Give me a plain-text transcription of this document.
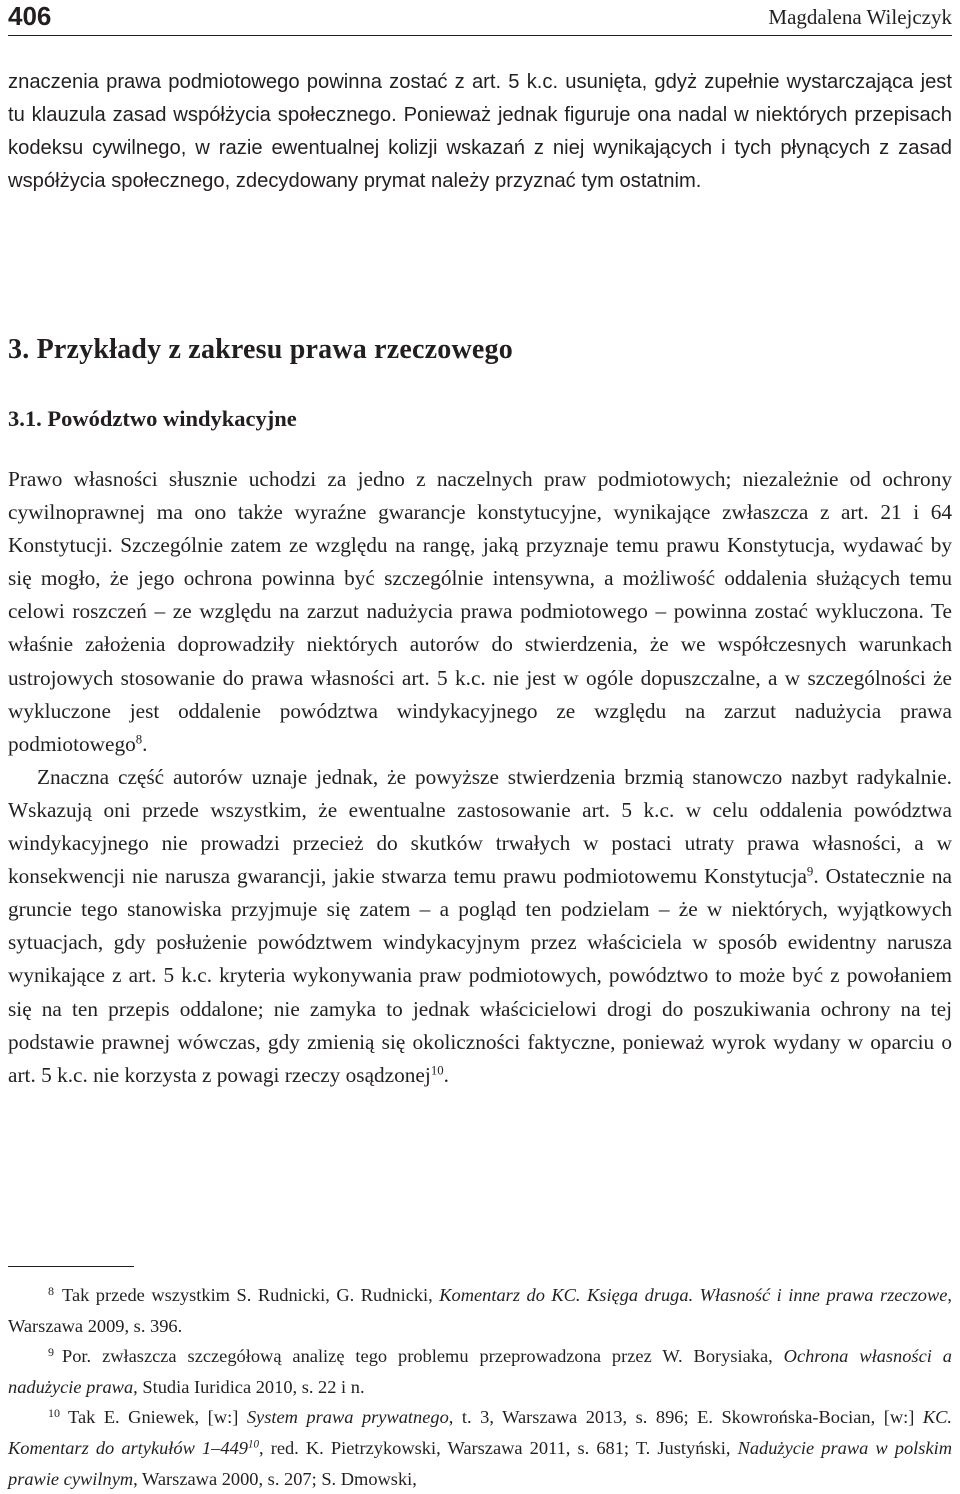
406	Magdalena Wilejczyk

znaczenia prawa podmiotowego powinna zostać z art. 5 k.c. usunięta, gdyż zupełnie wystarczająca jest tu klauzula zasad współżycia społecznego. Ponieważ jednak figuruje ona nadal w niektórych przepisach kodeksu cywilnego, w razie ewentualnej kolizji wskazań z niej wynikających i tych płynących z zasad współżycia społecznego, zdecydowany prymat należy przyznać tym ostatnim.

3. Przykłady z zakresu prawa rzeczowego
3.1. Powództwo windykacyjne

Prawo własności słusznie uchodzi za jedno z naczelnych praw podmiotowych; niezależnie od ochrony cywilnoprawnej ma ono także wyraźne gwarancje konstytucyjne, wynikające zwłaszcza z art. 21 i 64 Konstytucji. Szczególnie zatem ze względu na rangę, jaką przyznaje temu prawu Konstytucja, wydawać by się mogło, że jego ochrona powinna być szczególnie intensywna, a możliwość oddalenia służących temu celowi roszczeń – ze względu na zarzut nadużycia prawa podmiotowego – powinna zostać wykluczona. Te właśnie założenia doprowadziły niektórych autorów do stwierdzenia, że we współczesnych warunkach ustrojowych stosowanie do prawa własności art. 5 k.c. nie jest w ogóle dopuszczalne, a w szczególności że wykluczone jest oddalenie powództwa windykacyjnego ze względu na zarzut nadużycia prawa podmiotowego$^8$.

Znaczna część autorów uznaje jednak, że powyższe stwierdzenia brzmią stanowczo nazbyt radykalnie. Wskazują oni przede wszystkim, że ewentualne zastosowanie art. 5 k.c. w celu oddalenia powództwa windykacyjnego nie prowadzi przecież do skutków trwałych w postaci utraty prawa własności, a w konsekwencji nie narusza gwarancji, jakie stwarza temu prawu podmiotowemu Konstytucja$^9$. Ostatecznie na gruncie tego stanowiska przyjmuje się zatem – a pogląd ten podzielam – że w niektórych, wyjątkowych sytuacjach, gdy posłużenie powództwem windykacyjnym przez właściciela w sposób ewidentny narusza wynikające z art. 5 k.c. kryteria wykonywania praw podmiotowych, powództwo to może być z powołaniem się na ten przepis oddalone; nie zamyka to jednak właścicielowi drogi do poszukiwania ochrony na tej podstawie prawnej wówczas, gdy zmienią się okoliczności faktyczne, ponieważ wyrok wydany w oparciu o art. 5 k.c. nie korzysta z powagi rzeczy osądzonej$^{10}$.

$^8$ Tak przede wszystkim S. Rudnicki, G. Rudnicki, Komentarz do KC. Księga druga. Własność i inne prawa rzeczowe, Warszawa 2009, s. 396.

$^9$ Por. zwłaszcza szczegółową analizę tego problemu przeprowadzona przez W. Borysiaka, Ochrona własności a nadużycie prawa, Studia Iuridica 2010, s. 22 i n.

$^{10}$ Tak E. Gniewek, [w:] System prawa prywatnego, t. 3, Warszawa 2013, s. 896; E. Skowrońska-Bocian, [w:] KC. Komentarz do artykułów $1-449^{10}$, red. K. Pietrzykowski, Warszawa 2011, s. 681; T. Justyński, Nadużycie prawa w polskim prawie cywilnym, Warszawa 2000, s. 207; S. Dmowski,
